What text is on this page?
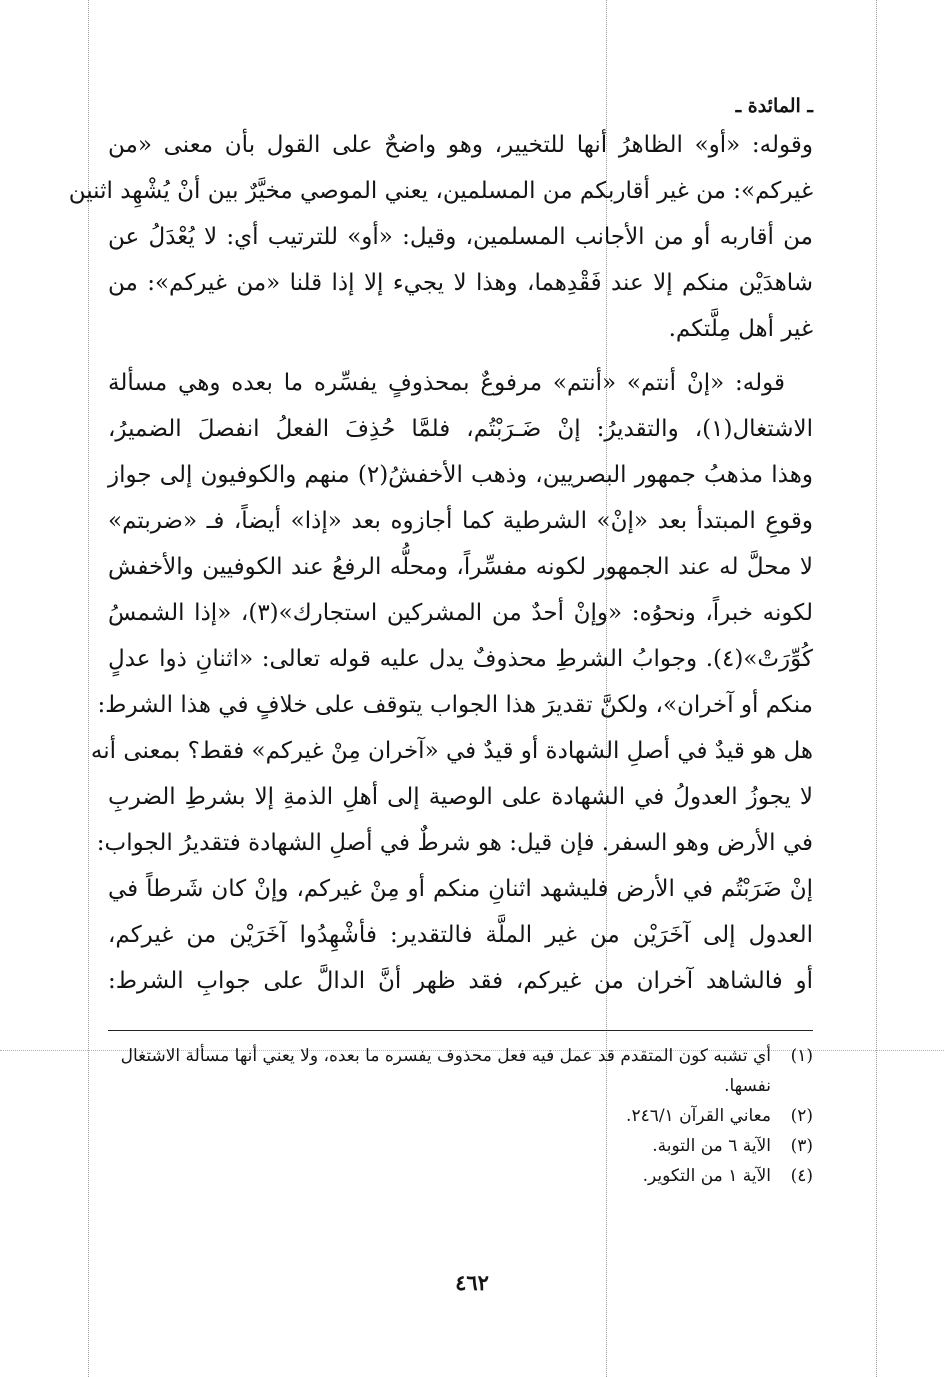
ـ المائدة ـ
وقوله: «أو» الظاهرُ أنها للتخيير، وهو واضحٌ على القول بأن معنى «من
غيركم»: من غير أقاربكم من المسلمين، يعني الموصي مخيَّرٌ بين أنْ يُشْهِد اثنين
من أقاربه أو من الأجانب المسلمين، وقيل: «أو» للترتيب أي: لا يُعْدَلُ عن
شاهدَيْن منكم إلا عند فَقْدِهما، وهذا لا يجيء إلا إذا قلنا «من غيركم»: من
غير أهل مِلَّتكم.
قوله: «إنْ أنتم» «أنتم» مرفوعٌ بمحذوفٍ يفسِّره ما بعده وهي مسألة
الاشتغال(١)، والتقديرُ: إنْ ضَـرَبْتُم، فلمَّا حُذِفَ الفعلُ انفصلَ الضميرُ،
وهذا مذهبُ جمهور البصريين، وذهب الأخفشُ(٢) منهم والكوفيون إلى جواز
وقوعِ المبتدأ بعد «إنْ» الشرطية كما أجازوه بعد «إذا» أيضاً، فـ «ضربتم»
لا محلَّ له عند الجمهور لكونه مفسِّراً، ومحلُّه الرفعُ عند الكوفيين والأخفش
لكونه خبراً، ونحوُه: «وإنْ أحدٌ من المشركين استجارك»(٣)، «إذا الشمسُ
كُوِّرَتْ»(٤). وجوابُ الشرطِ محذوفٌ يدل عليه قوله تعالى: «اثنانِ ذوا عدلٍ
منكم أو آخران»، ولكنَّ تقديرَ هذا الجواب يتوقف على خلافٍ في هذا الشرط:
هل هو قيدٌ في أصلِ الشهادة أو قيدٌ في «آخران مِنْ غيركم» فقط؟ بمعنى أنه
لا يجوزُ العدولُ في الشهادة على الوصية إلى أهلِ الذمةِ إلا بشرطِ الضربِ
في الأرض وهو السفر. فإن قيل: هو شرطٌ في أصلِ الشهادة فتقديرُ الجواب:
إنْ ضَرَبْتُم في الأرض فليشهد اثنانِ منكم أو مِنْ غيركم، وإنْ كان شَرطاً في
العدول إلى آخَرَيْن من غير الملَّة فالتقدير: فأشْهِدُوا آخَرَيْن من غيركم،
أو فالشاهد آخران من غيركم، فقد ظهر أنَّ الدالَّ على جوابِ الشرط:
(١)
أي تشبه كون المتقدم قد عمل فيه فعل محذوف يفسره ما بعده، ولا يعني أنها مسألة الاشتغال نفسها.
(٢)
معاني القرآن ٢٤٦/١.
(٣)
الآية ٦ من التوبة.
(٤)
الآية ١ من التكوير.
٤٦٢
